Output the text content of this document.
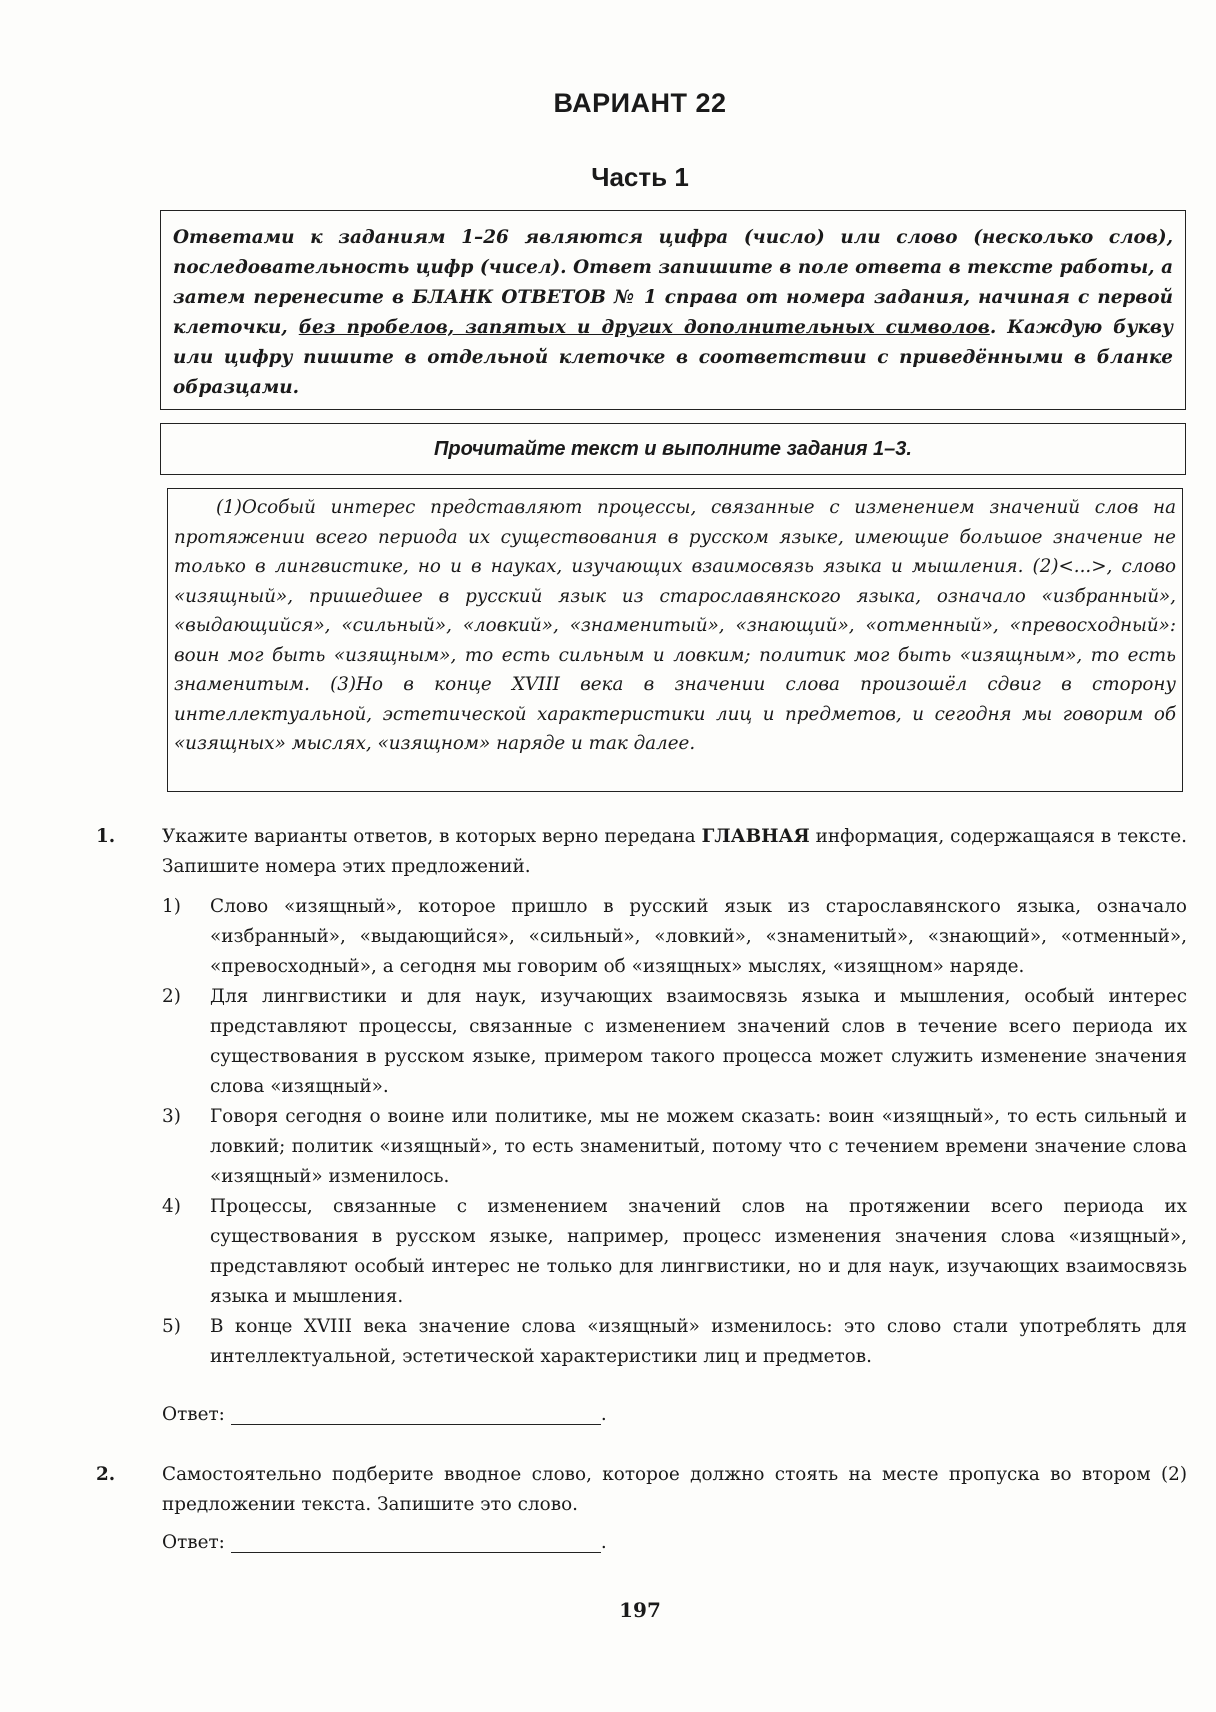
ВАРИАНТ 22
Часть 1
Ответами к заданиям 1–26 являются цифра (число) или слово (несколько слов), последовательность цифр (чисел). Ответ запишите в поле ответа в тексте работы, а затем перенесите в БЛАНК ОТВЕТОВ № 1 справа от номера задания, начиная с первой клеточки, без пробелов, запятых и других дополнительных символов. Каждую букву или цифру пишите в отдельной клеточке в соответствии с приведёнными в бланке образцами.
Прочитайте текст и выполните задания 1–3.

(1)Особый интерес представляют процессы, связанные с изменением значений слов на протяжении всего периода их существования в русском языке, имеющие большое значение не только в лингвистике, но и в науках, изучающих взаимосвязь языка и мышления. (2)<...>, слово «изящный», пришедшее в русский язык из старославянского языка, означало «избранный», «выдающийся», «сильный», «ловкий», «знаменитый», «знающий», «отменный», «превосходный»: воин мог быть «изящным», то есть сильным и ловким; политик мог быть «изящным», то есть знаменитым. (3)Но в конце XVIII века в значении слова произошёл сдвиг в сторону интеллектуальной, эстетической характеристики лиц и предметов, и сегодня мы говорим об «изящных» мыслях, «изящном» наряде и так далее.

1.	Укажите варианты ответов, в которых верно передана ГЛАВНАЯ информация, содержащаяся в тексте. Запишите номера этих предложений.
1) Слово «изящный», которое пришло в русский язык из старославянского языка, означало «избранный», «выдающийся», «сильный», «ловкий», «знаменитый», «знающий», «отменный», «превосходный», а сегодня мы говорим об «изящных» мыслях, «изящном» наряде.
2) Для лингвистики и для наук, изучающих взаимосвязь языка и мышления, особый интерес представляют процессы, связанные с изменением значений слов в течение всего периода их существования в русском языке, примером такого процесса может служить изменение значения слова «изящный».
3) Говоря сегодня о воине или политике, мы не можем сказать: воин «изящный», то есть сильный и ловкий; политик «изящный», то есть знаменитый, потому что с течением времени значение слова «изящный» изменилось.
4) Процессы, связанные с изменением значений слов на протяжении всего периода их существования в русском языке, например, процесс изменения значения слова «изящный», представляют особый интерес не только для лингвистики, но и для наук, изучающих взаимосвязь языка и мышления.
5) В конце XVIII века значение слова «изящный» изменилось: это слово стали употреблять для интеллектуальной, эстетической характеристики лиц и предметов.
Ответ:	.
2.	Самостоятельно подберите вводное слово, которое должно стоять на месте пропуска во втором (2) предложении текста. Запишите это слово.
Ответ:	.
197
